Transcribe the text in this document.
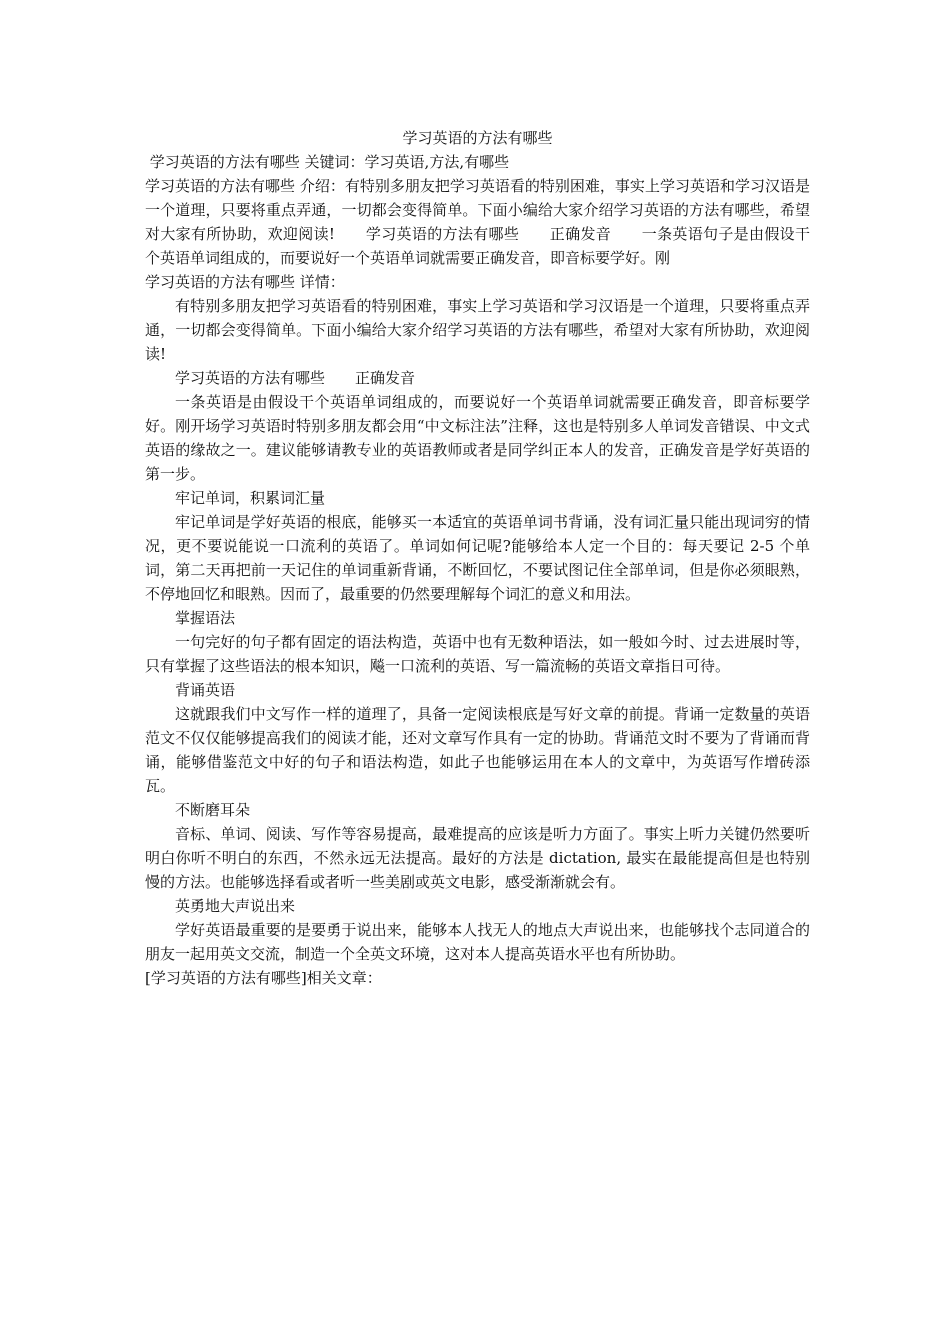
学习英语的方法有哪些

学习英语的方法有哪些 关键词：学习英语,方法,有哪些

学习英语的方法有哪些 介绍：有特别多朋友把学习英语看的特别困难，事实上学习英语和学习汉语是一个道理，只要将重点弄通，一切都会变得简单。下面小编给大家介绍学习英语的方法有哪些，希望对大家有所协助，欢迎阅读!　　学习英语的方法有哪些　　正确发音　　一条英语句子是由假设干个英语单词组成的，而要说好一个英语单词就需要正确发音，即音标要学好。刚

学习英语的方法有哪些 详情：

有特别多朋友把学习英语看的特别困难，事实上学习英语和学习汉语是一个道理，只要将重点弄通，一切都会变得简单。下面小编给大家介绍学习英语的方法有哪些，希望对大家有所协助，欢迎阅读!

学习英语的方法有哪些　　正确发音

一条英语是由假设干个英语单词组成的，而要说好一个英语单词就需要正确发音，即音标要学好。刚开场学习英语时特别多朋友都会用“中文标注法”注释，这也是特别多人单词发音错误、中文式英语的缘故之一。建议能够请教专业的英语教师或者是同学纠正本人的发音，正确发音是学好英语的第一步。

牢记单词，积累词汇量

牢记单词是学好英语的根底，能够买一本适宜的英语单词书背诵，没有词汇量只能出现词穷的情况，更不要说能说一口流利的英语了。单词如何记呢?能够给本人定一个目的：每天要记 2-5 个单词，第二天再把前一天记住的单词重新背诵，不断回忆，不要试图记住全部单词，但是你必须眼熟，不停地回忆和眼熟。因而了，最重要的仍然要理解每个词汇的意义和用法。

掌握语法

一句完好的句子都有固定的语法构造，英语中也有无数种语法，如一般如今时、过去进展时等，只有掌握了这些语法的根本知识，飚一口流利的英语、写一篇流畅的英语文章指日可待。

背诵英语

这就跟我们中文写作一样的道理了，具备一定阅读根底是写好文章的前提。背诵一定数量的英语范文不仅仅能够提高我们的阅读才能，还对文章写作具有一定的协助。背诵范文时不要为了背诵而背诵，能够借鉴范文中好的句子和语法构造，如此子也能够运用在本人的文章中，为英语写作增砖添瓦。

不断磨耳朵

音标、单词、阅读、写作等容易提高，最难提高的应该是听力方面了。事实上听力关键仍然要听明白你听不明白的东西，不然永远无法提高。最好的方法是 dictation, 最实在最能提高但是也特别慢的方法。也能够选择看或者听一些美剧或英文电影，感受渐渐就会有。

英勇地大声说出来

学好英语最重要的是要勇于说出来，能够本人找无人的地点大声说出来，也能够找个志同道合的朋友一起用英文交流，制造一个全英文环境，这对本人提高英语水平也有所协助。

[学习英语的方法有哪些]相关文章：
